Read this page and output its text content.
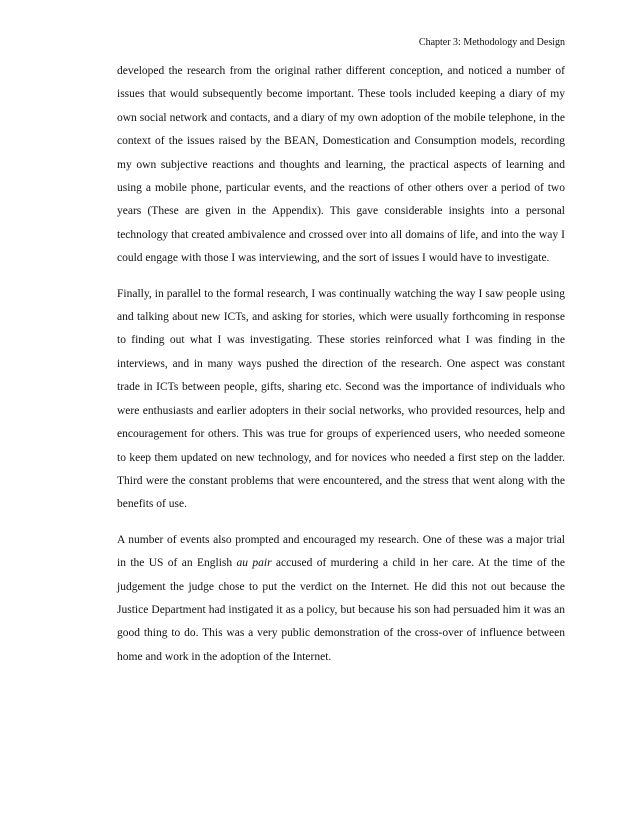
Chapter 3: Methodology and Design

developed the research from the original rather different conception, and noticed a number of issues that would subsequently become important. These tools included keeping a diary of my own social network and contacts, and a diary of my own adoption of the mobile telephone, in the context of the issues raised by the BEAN, Domestication and Consumption models, recording my own subjective reactions and thoughts and learning, the practical aspects of learning and using a mobile phone, particular events, and the reactions of other others over a period of two years (These are given in the Appendix). This gave considerable insights into a personal technology that created ambivalence and crossed over into all domains of life, and into the way I could engage with those I was interviewing, and the sort of issues I would have to investigate.

Finally, in parallel to the formal research, I was continually watching the way I saw people using and talking about new ICTs, and asking for stories, which were usually forthcoming in response to finding out what I was investigating. These stories reinforced what I was finding in the interviews, and in many ways pushed the direction of the research. One aspect was constant trade in ICTs between people, gifts, sharing etc. Second was the importance of individuals who were enthusiasts and earlier adopters in their social networks, who provided resources, help and encouragement for others. This was true for groups of experienced users, who needed someone to keep them updated on new technology, and for novices who needed a first step on the ladder. Third were the constant problems that were encountered, and the stress that went along with the benefits of use.

A number of events also prompted and encouraged my research. One of these was a major trial in the US of an English au pair accused of murdering a child in her care. At the time of the judgement the judge chose to put the verdict on the Internet. He did this not out because the Justice Department had instigated it as a policy, but because his son had persuaded him it was an good thing to do. This was a very public demonstration of the cross-over of influence between home and work in the adoption of the Internet.
